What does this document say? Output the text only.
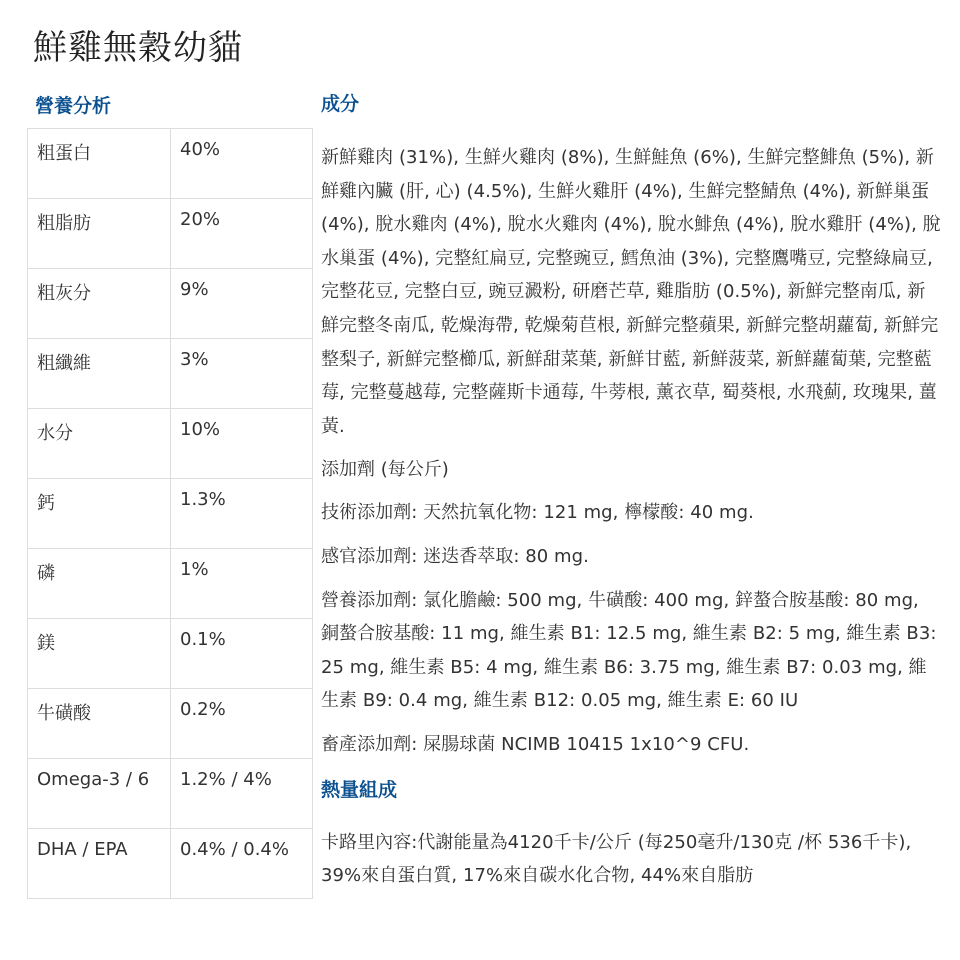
鮮雞無穀幼貓
營養分析
粗蛋白	40%
粗脂肪	20%
粗灰分	9%
粗纖維	3%
水分	10%
鈣	1.3%
磷	1%
鎂	0.1%
牛磺酸	0.2%
Omega-3 / 6	1.2% / 4%
DHA / EPA	0.4% / 0.4%
成分

新鮮雞肉 (31%), 生鮮火雞肉 (8%), 生鮮鮭魚 (6%), 生鮮完整鯡魚 (5%), 新鮮雞內臟 (肝, 心) (4.5%), 生鮮火雞肝 (4%), 生鮮完整鯖魚 (4%), 新鮮巢蛋 (4%), 脫水雞肉 (4%), 脫水火雞肉 (4%), 脫水鯡魚 (4%), 脫水雞肝 (4%), 脫水巢蛋 (4%), 完整紅扁豆, 完整豌豆, 鱈魚油 (3%), 完整鷹嘴豆, 完整綠扁豆, 完整花豆, 完整白豆, 豌豆澱粉, 研磨芒草, 雞脂肪 (0.5%), 新鮮完整南瓜, 新鮮完整冬南瓜, 乾燥海帶, 乾燥菊苣根, 新鮮完整蘋果, 新鮮完整胡蘿蔔, 新鮮完整梨子, 新鮮完整櫛瓜, 新鮮甜菜葉, 新鮮甘藍, 新鮮菠菜, 新鮮蘿蔔葉, 完整藍莓, 完整蔓越莓, 完整薩斯卡通莓, 牛蒡根, 薰衣草, 蜀葵根, 水飛薊, 玫瑰果, 薑黃.

添加劑 (每公斤)

技術添加劑: 天然抗氧化物: 121 mg, 檸檬酸: 40 mg.

感官添加劑: 迷迭香萃取: 80 mg.

營養添加劑: 氯化膽鹼: 500 mg, 牛磺酸: 400 mg, 鋅螯合胺基酸: 80 mg, 銅螯合胺基酸: 11 mg, 維生素 B1: 12.5 mg, 維生素 B2: 5 mg, 維生素 B3: 25 mg, 維生素 B5: 4 mg, 維生素 B6: 3.75 mg, 維生素 B7: 0.03 mg, 維生素 B9: 0.4 mg, 維生素 B12: 0.05 mg, 維生素 E: 60 IU

畜產添加劑: 屎腸球菌 NCIMB 10415 1x10^9 CFU.

熱量組成

卡路里內容:代謝能量為4120千卡/公斤 (每250毫升/130克 /杯 536千卡), 39%來自蛋白質, 17%來自碳水化合物, 44%來自脂肪
